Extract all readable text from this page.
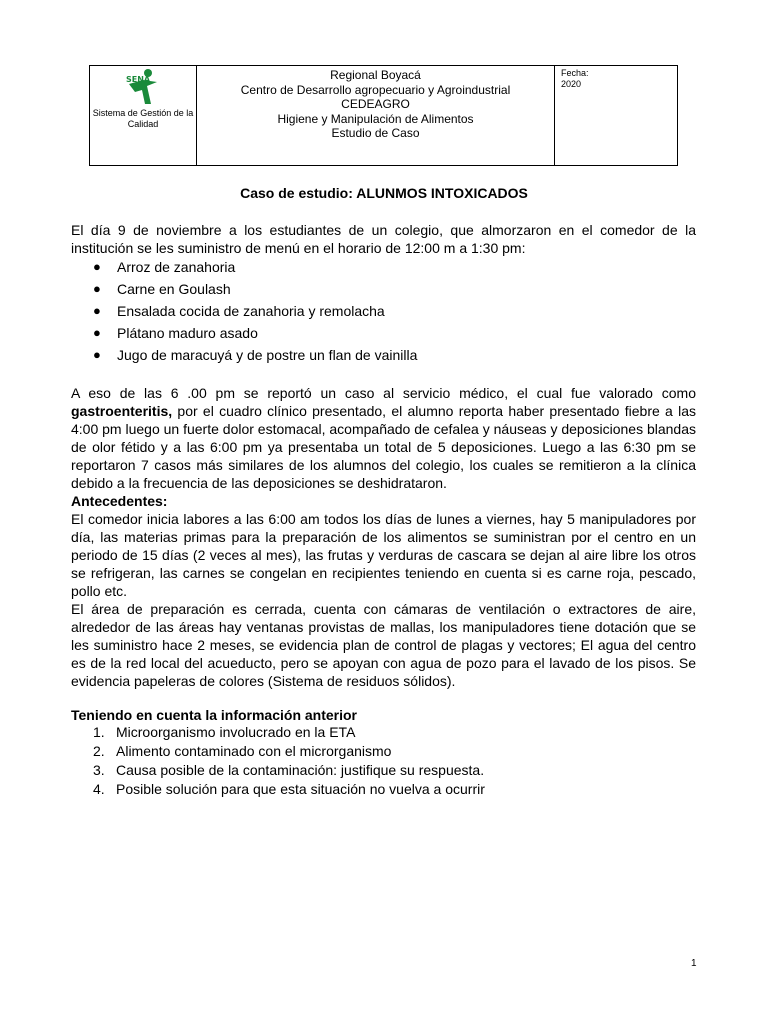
SENA
Sistema de Gestión de la Calidad
Regional Boyacá
Centro de Desarrollo agropecuario y Agroindustrial
CEDEAGRO
Higiene y Manipulación de Alimentos
Estudio de Caso
Fecha:
2020
Caso de estudio: ALUNMOS INTOXICADOS

El día 9 de noviembre a los estudiantes de un colegio, que almorzaron en el comedor de la institución se les suministro de menú en el horario de 12:00 m a 1:30 pm:

● Arroz de zanahoria
● Carne en Goulash
● Ensalada cocida de zanahoria y remolacha
● Plátano maduro asado
● Jugo de maracuyá y de postre un flan de vainilla

A eso de las 6 .00 pm se reportó un caso al servicio médico, el cual fue valorado como gastroenteritis, por el cuadro clínico presentado, el alumno reporta haber presentado fiebre a las 4:00 pm luego un fuerte dolor estomacal, acompañado de cefalea y náuseas y deposiciones blandas de olor fétido y a las 6:00 pm ya presentaba un total de 5 deposiciones. Luego a las 6:30 pm se reportaron 7 casos más similares de los alumnos del colegio, los cuales se remitieron a la clínica debido a la frecuencia de las deposiciones se deshidrataron.

Antecedentes:
El comedor inicia labores a las 6:00 am todos los días de lunes a viernes, hay 5 manipuladores por día, las materias primas para la preparación de los alimentos se suministran por el centro en un periodo de 15 días (2 veces al mes), las frutas y verduras de cascara se dejan al aire libre los otros se refrigeran, las carnes se congelan en recipientes teniendo en cuenta si es carne roja, pescado, pollo etc.
El área de preparación es cerrada, cuenta con cámaras de ventilación o extractores de aire, alrededor de las áreas hay ventanas provistas de mallas, los manipuladores tiene dotación que se les suministro hace 2 meses, se evidencia plan de control de plagas y vectores; El agua del centro es de la red local del acueducto, pero se apoyan con agua de pozo para el lavado de los pisos. Se evidencia papeleras de colores (Sistema de residuos sólidos).
Teniendo en cuenta la información anterior
1. Microorganismo involucrado en la ETA
2. Alimento contaminado con el microrganismo
3. Causa posible de la contaminación: justifique su respuesta.
4. Posible solución para que esta situación no vuelva a ocurrir
1
